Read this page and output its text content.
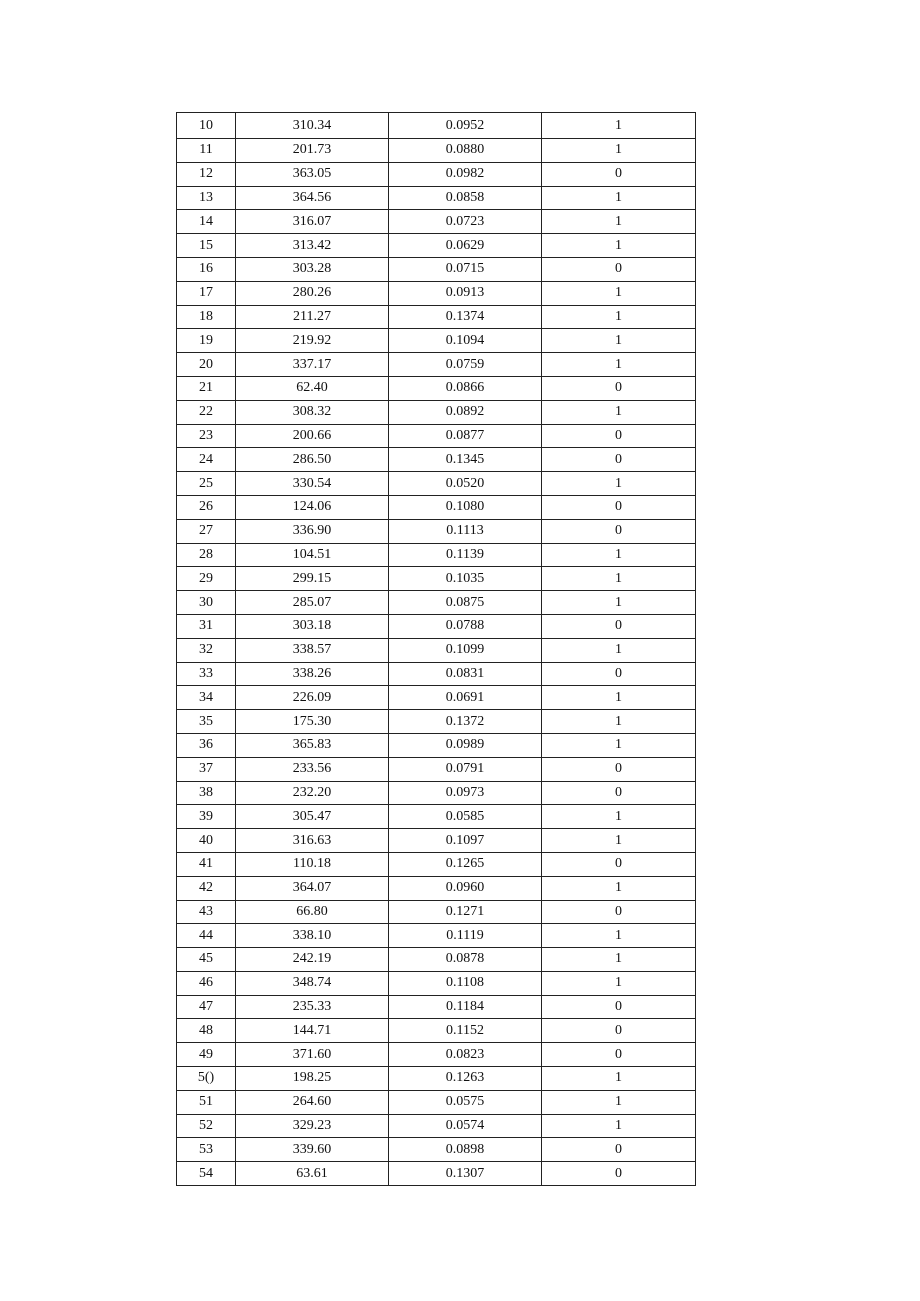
10	310.34	0.0952	1
11	201.73	0.0880	1
12	363.05	0.0982	0
13	364.56	0.0858	1
14	316.07	0.0723	1
15	313.42	0.0629	1
16	303.28	0.0715	0
17	280.26	0.0913	1
18	211.27	0.1374	1
19	219.92	0.1094	1
20	337.17	0.0759	1
21	62.40	0.0866	0
22	308.32	0.0892	1
23	200.66	0.0877	0
24	286.50	0.1345	0
25	330.54	0.0520	1
26	124.06	0.1080	0
27	336.90	0.1113	0
28	104.51	0.1139	1
29	299.15	0.1035	1
30	285.07	0.0875	1
31	303.18	0.0788	0
32	338.57	0.1099	1
33	338.26	0.0831	0
34	226.09	0.0691	1
35	175.30	0.1372	1
36	365.83	0.0989	1
37	233.56	0.0791	0
38	232.20	0.0973	0
39	305.47	0.0585	1
40	316.63	0.1097	1
41	110.18	0.1265	0
42	364.07	0.0960	1
43	66.80	0.1271	0
44	338.10	0.1119	1
45	242.19	0.0878	1
46	348.74	0.1108	1
47	235.33	0.1184	0
48	144.71	0.1152	0
49	371.60	0.0823	0
5()	198.25	0.1263	1
51	264.60	0.0575	1
52	329.23	0.0574	1
53	339.60	0.0898	0
54	63.61	0.1307	0
